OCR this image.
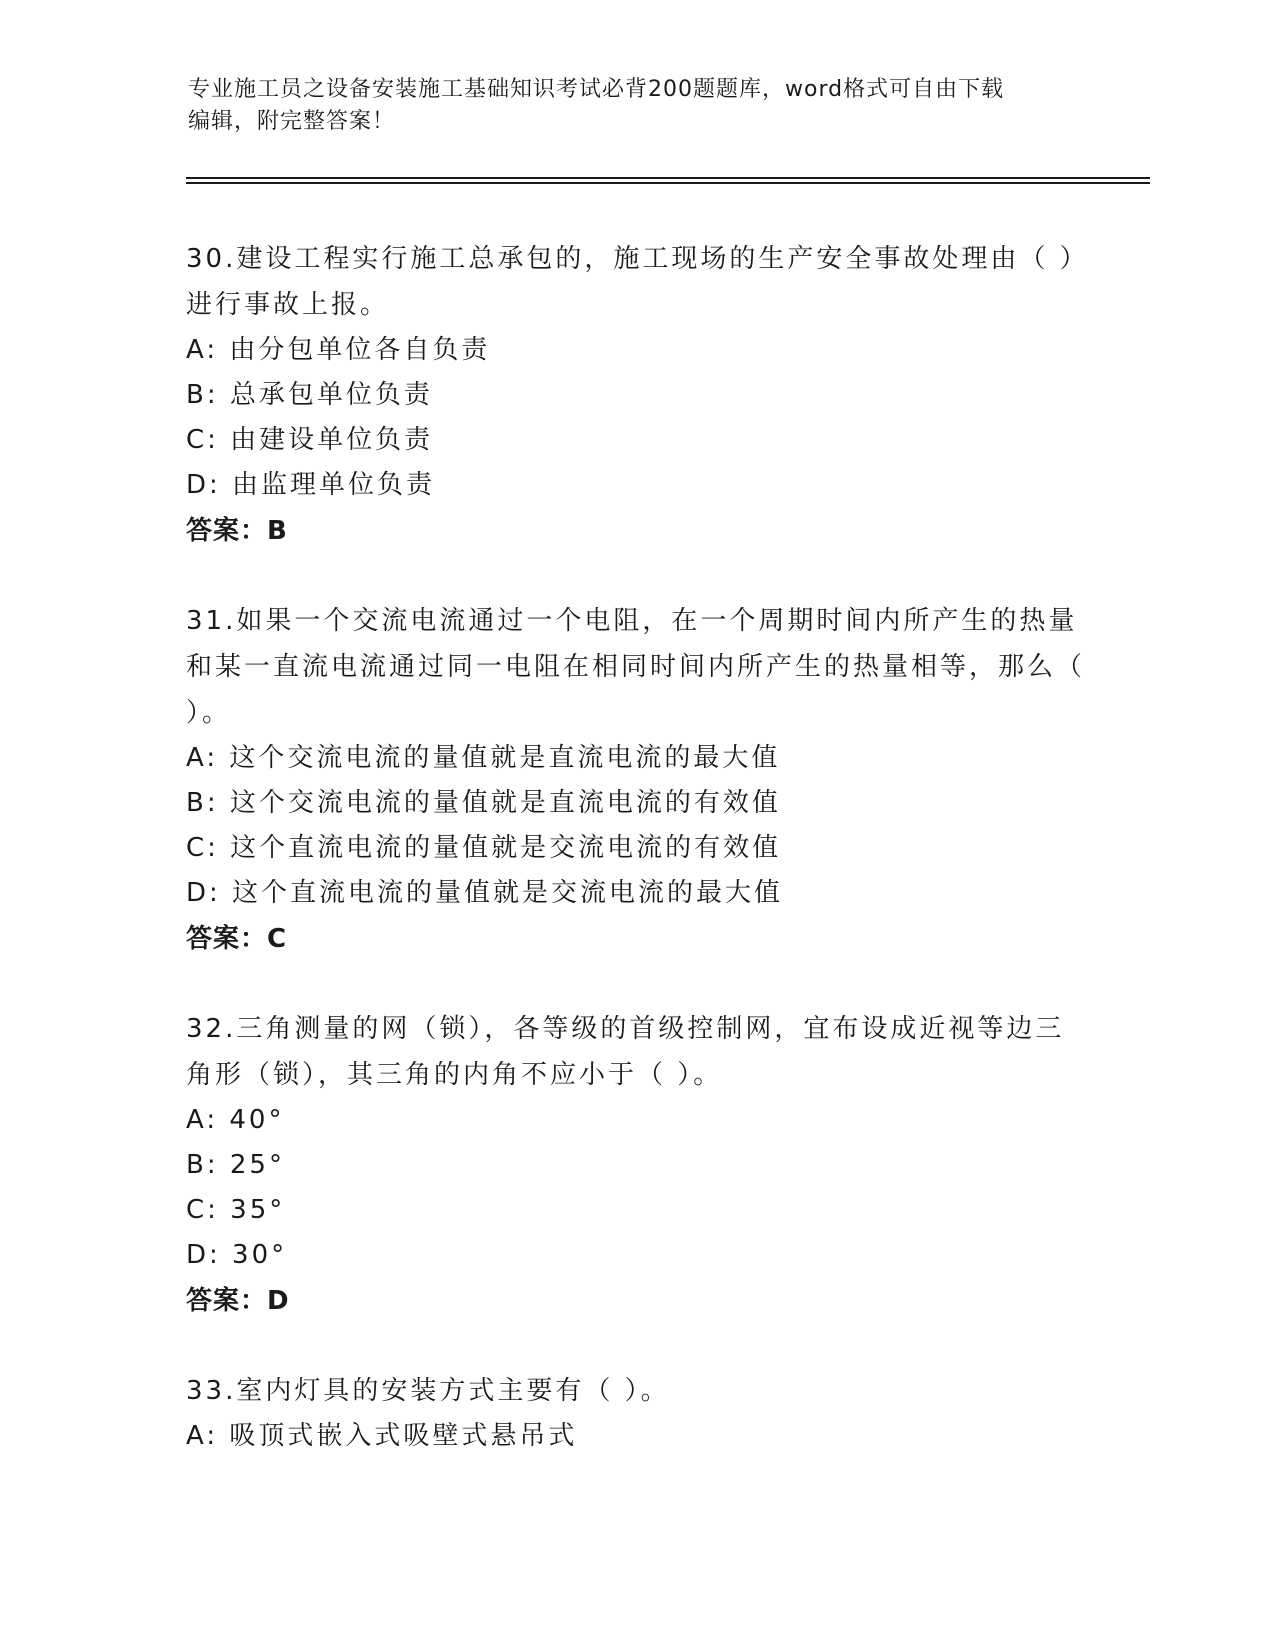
专业施工员之设备安装施工基础知识考试必背200题题库，word格式可自由下载
编辑，附完整答案！

30.建设工程实行施工总承包的，施工现场的生产安全事故处理由（ ）进行事故上报。

A: 由分包单位各自负责

B: 总承包单位负责

C: 由建设单位负责

D: 由监理单位负责

答案：B

31.如果一个交流电流通过一个电阻，在一个周期时间内所产生的热量和某一直流电流通过同一电阻在相同时间内所产生的热量相等，那么（ ）。

A: 这个交流电流的量值就是直流电流的最大值

B: 这个交流电流的量值就是直流电流的有效值

C: 这个直流电流的量值就是交流电流的有效值

D: 这个直流电流的量值就是交流电流的最大值

答案：C

32.三角测量的网（锁），各等级的首级控制网，宜布设成近视等边三角形（锁），其三角的内角不应小于（ ）。

A: 40°

B: 25°

C: 35°

D: 30°

答案：D

33.室内灯具的安装方式主要有（ ）。

A: 吸顶式嵌入式吸壁式悬吊式
